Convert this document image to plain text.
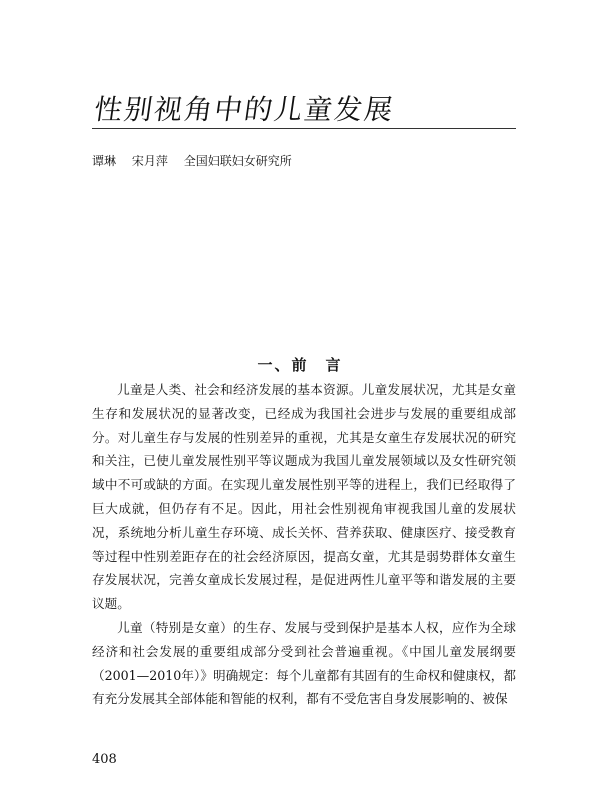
性别视角中的儿童发展
谭琳 宋月萍 全国妇联妇女研究所
一、前　言

儿童是人类、社会和经济发展的基本资源。儿童发展状况，尤其是女童生存和发展状况的显著改变，已经成为我国社会进步与发展的重要组成部分。对儿童生存与发展的性别差异的重视，尤其是女童生存发展状况的研究和关注，已使儿童发展性别平等议题成为我国儿童发展领域以及女性研究领域中不可或缺的方面。在实现儿童发展性别平等的进程上，我们已经取得了巨大成就，但仍存有不足。因此，用社会性别视角审视我国儿童的发展状况，系统地分析儿童生存环境、成长关怀、营养获取、健康医疗、接受教育等过程中性别差距存在的社会经济原因，提高女童，尤其是弱势群体女童生存发展状况，完善女童成长发展过程，是促进两性儿童平等和谐发展的主要议题。

儿童（特别是女童）的生存、发展与受到保护是基本人权，应作为全球经济和社会发展的重要组成部分受到社会普遍重视。《中国儿童发展纲要（2001—2010年）》明确规定：每个儿童都有其固有的生命权和健康权，都有充分发展其全部体能和智能的权利，都有不受危害自身发展影响的、被保

408
